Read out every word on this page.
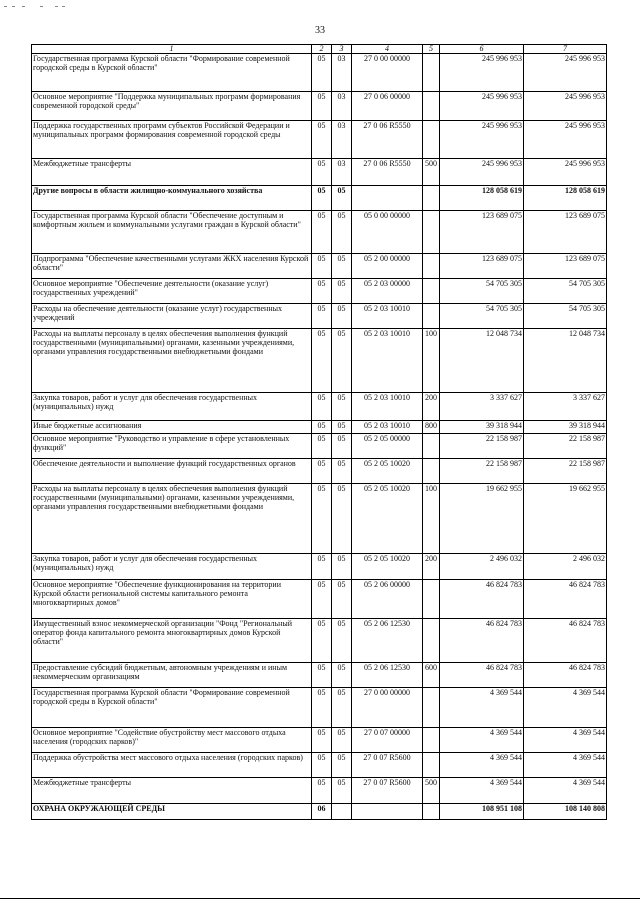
33
1	2	3	4	5	6	7
Государственная программа Курской области "Формирование современной городской среды в Курской области"	05	03	27 0 00 00000		245 996 953	245 996 953
Основное мероприятие "Поддержка муниципальных программ формирования современной городской среды"	05	03	27 0 06 00000		245 996 953	245 996 953
Поддержка государственных программ субъектов Российской Федерации и муниципальных программ формирования современной городской среды	05	03	27 0 06 R5550		245 996 953	245 996 953
Межбюджетные трансферты	05	03	27 0 06 R5550	500	245 996 953	245 996 953
Другие вопросы в области жилищно-коммунального хозяйства	05	05			128 058 619	128 058 619
Государственная программа Курской области "Обеспечение доступным и комфортным жильем и коммунальными услугами граждан в Курской области"	05	05	05 0 00 00000		123 689 075	123 689 075
Подпрограмма "Обеспечение качественными услугами ЖКХ населения Курской области"	05	05	05 2 00 00000		123 689 075	123 689 075
Основное мероприятие "Обеспечение деятельности (оказание услуг) государственных учреждений"	05	05	05 2 03 00000		54 705 305	54 705 305
Расходы на обеспечение деятельности (оказание услуг) государственных учреждений	05	05	05 2 03 10010		54 705 305	54 705 305
Расходы на выплаты персоналу в целях обеспечения выполнения функций государственными (муниципальными) органами, казенными учреждениями, органами управления государственными внебюджетными фондами	05	05	05 2 03 10010	100	12 048 734	12 048 734
Закупка товаров, работ и услуг для обеспечения государственных (муниципальных) нужд	05	05	05 2 03 10010	200	3 337 627	3 337 627
Иные бюджетные ассигнования	05	05	05 2 03 10010	800	39 318 944	39 318 944
Основное мероприятие "Руководство и управление в сфере установленных функций"	05	05	05 2 05 00000		22 158 987	22 158 987
Обеспечение деятельности и выполнение функций государственных органов	05	05	05 2 05 10020		22 158 987	22 158 987
Расходы на выплаты персоналу в целях обеспечения выполнения функций государственными (муниципальными) органами, казенными учреждениями, органами управления государственными внебюджетными фондами	05	05	05 2 05 10020	100	19 662 955	19 662 955
Закупка товаров, работ и услуг для обеспечения государственных (муниципальных) нужд	05	05	05 2 05 10020	200	2 496 032	2 496 032
Основное мероприятие "Обеспечение функционирования на территории Курской области региональной системы капитального ремонта многоквартирных домов"	05	05	05 2 06 00000		46 824 783	46 824 783
Имущественный взнос некоммерческой организации "Фонд "Региональный оператор фонда капитального ремонта многоквартирных домов Курской области"	05	05	05 2 06 12530		46 824 783	46 824 783
Предоставление субсидий бюджетным, автономным учреждениям и иным некоммерческим организациям	05	05	05 2 06 12530	600	46 824 783	46 824 783
Государственная программа Курской области "Формирование современной городской среды в Курской области"	05	05	27 0 00 00000		4 369 544	4 369 544
Основное мероприятие "Содействие обустройству мест массового отдыха населения (городских парков)"	05	05	27 0 07 00000		4 369 544	4 369 544
Поддержка обустройства мест массового отдыха населения (городских парков)	05	05	27 0 07 R5600		4 369 544	4 369 544
Межбюджетные трансферты	05	05	27 0 07 R5600	500	4 369 544	4 369 544
ОХРАНА ОКРУЖАЮЩЕЙ СРЕДЫ	06				108 951 108	108 140 808
